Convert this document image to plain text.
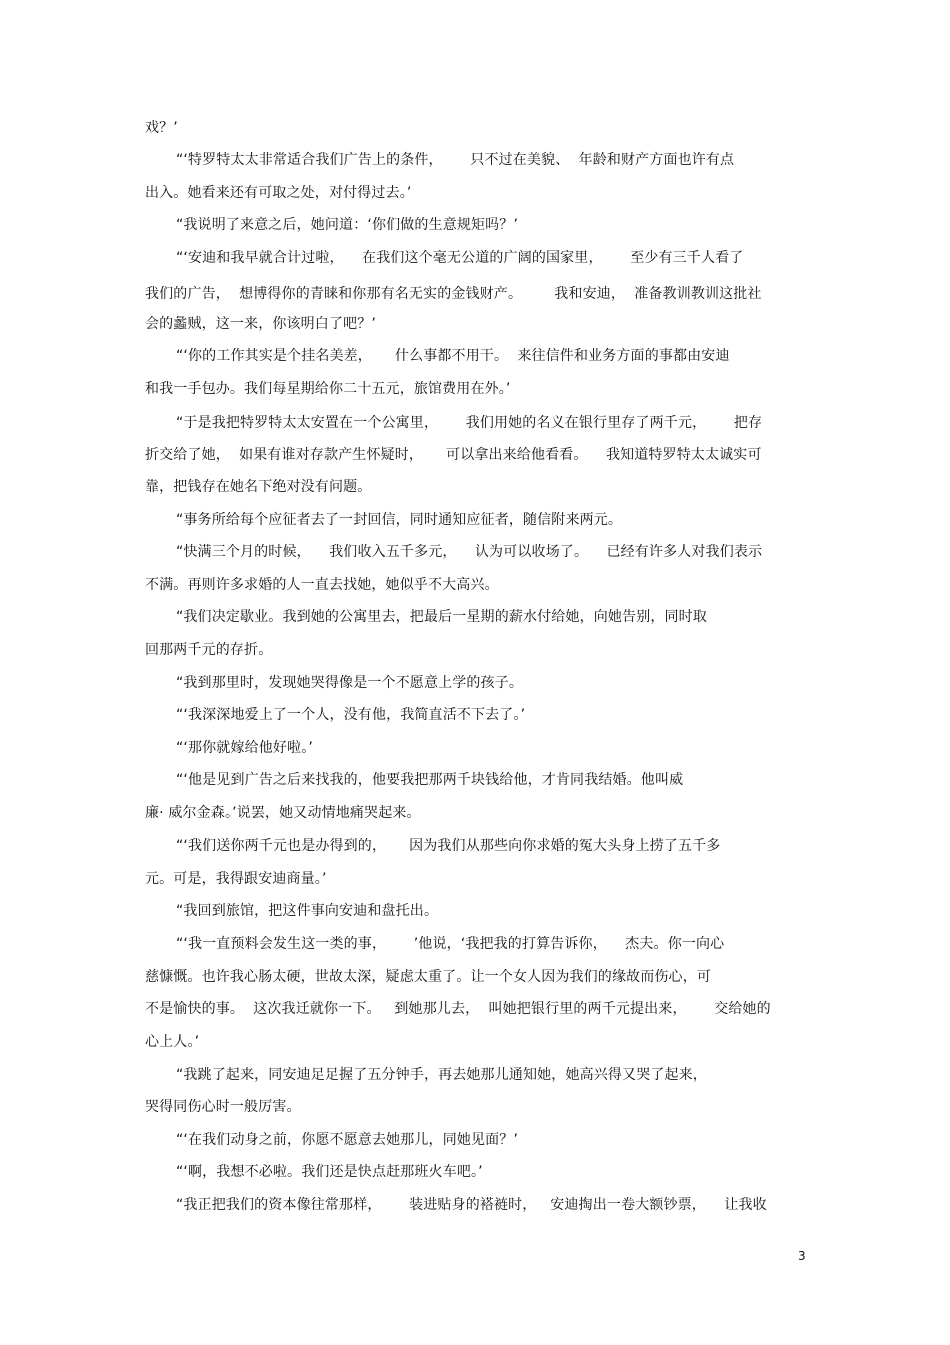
戏？’
“‘特罗特太太非常适合我们广告上的条件，      只不过在美貌、  年龄和财产方面也许有点
出入。她看来还有可取之处，对付得过去。’
“我说明了来意之后，她问道：‘你们做的生意规矩吗？’
“‘安迪和我早就合计过啦，    在我们这个毫无公道的广阔的国家里，      至少有三千人看了
我们的广告，  想博得你的青睐和你那有名无实的金钱财产。       我和安迪，  准备教训教训这批社
会的蠡贼，这一来，你该明白了吧？’
“‘你的工作其实是个挂名美差，     什么事都不用干。  来往信件和业务方面的事都由安迪
和我一手包办。我们每星期给你二十五元，旅馆费用在外。’
“于是我把特罗特太太安置在一个公寓里，      我们用她的名义在银行里存了两千元，      把存
折交给了她，  如果有谁对存款产生怀疑时，     可以拿出来给他看看。    我知道特罗特太太诚实可
靠，把钱存在她名下绝对没有问题。
“事务所给每个应征者去了一封回信，同时通知应征者，随信附来两元。
“快满三个月的时候，    我们收入五千多元，    认为可以收场了。    已经有许多人对我们表示
不满。再则许多求婚的人一直去找她，她似乎不大高兴。
“我们决定歇业。我到她的公寓里去，把最后一星期的薪水付给她，向她告别，同时取
回那两千元的存折。
“我到那里时，发现她哭得像是一个不愿意上学的孩子。
“‘我深深地爱上了一个人，没有他，我简直活不下去了。’
“‘那你就嫁给他好啦。’
“‘他是见到广告之后来找我的，他要我把那两千块钱给他，才肯同我结婚。他叫威
廉· 威尔金森。’说罢，她又动情地痛哭起来。
“‘我们送你两千元也是办得到的，     因为我们从那些向你求婚的冤大头身上捞了五千多
元。可是，我得跟安迪商量。’
“我回到旅馆，把这件事向安迪和盘托出。
“‘我一直预料会发生这一类的事，      ’他说，‘我把我的打算告诉你，    杰夫。你一向心
慈慷慨。也许我心肠太硬，世故太深，疑虑太重了。让一个女人因为我们的缘故而伤心，可
不是愉快的事。  这次我迁就你一下。   到她那儿去，  叫她把银行里的两千元提出来，      交给她的
心上人。’
“我跳了起来，同安迪足足握了五分钟手，再去她那儿通知她，她高兴得又哭了起来，
哭得同伤心时一般厉害。
“‘在我们动身之前，你愿不愿意去她那儿，同她见面？’
“‘啊，我想不必啦。我们还是快点赶那班火车吧。’
“我正把我们的资本像往常那样，      装进贴身的褡裢时，   安迪掏出一卷大额钞票，    让我收
3
